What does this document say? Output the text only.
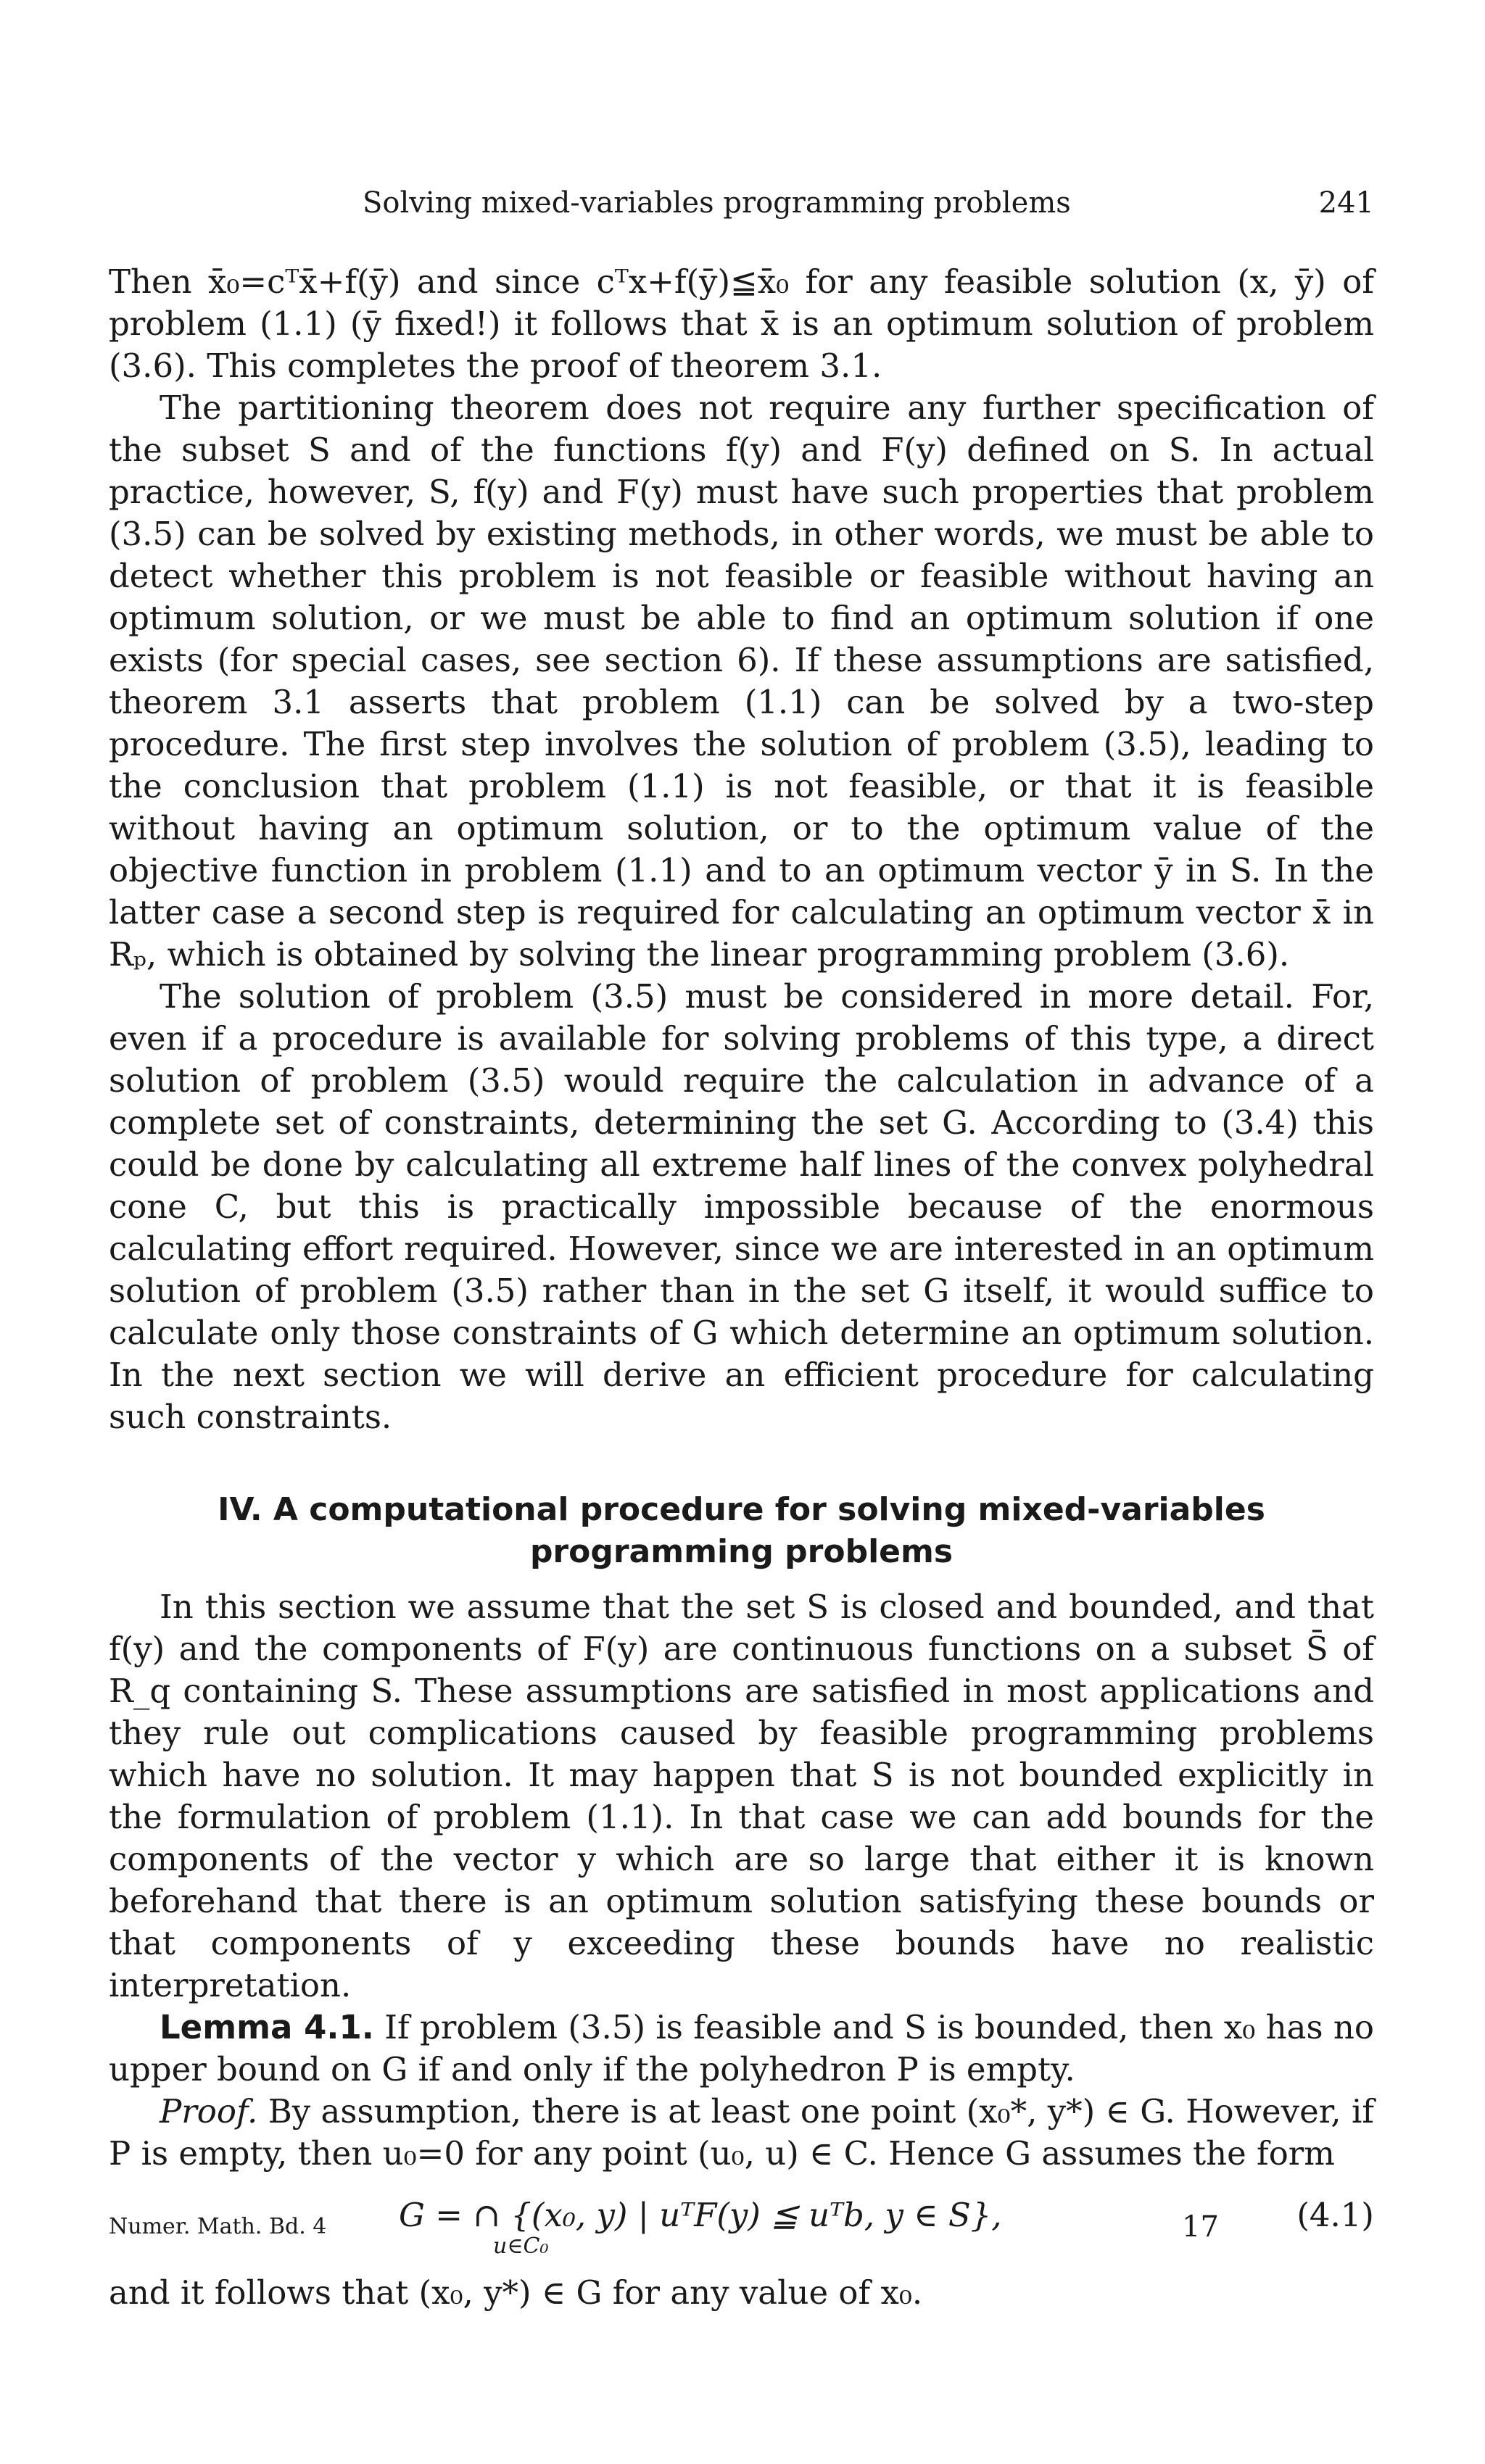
Solving mixed-variables programming problems	241

Then x̄₀=cᵀx̄+f(ȳ) and since cᵀx+f(ȳ)≦x̄₀ for any feasible solution (x, ȳ) of problem (1.1) (ȳ fixed!) it follows that x̄ is an optimum solution of problem (3.6). This completes the proof of theorem 3.1.

The partitioning theorem does not require any further specification of the subset S and of the functions f(y) and F(y) defined on S. In actual practice, however, S, f(y) and F(y) must have such properties that problem (3.5) can be solved by existing methods, in other words, we must be able to detect whether this problem is not feasible or feasible without having an optimum solution, or we must be able to find an optimum solution if one exists (for special cases, see section 6). If these assumptions are satisfied, theorem 3.1 asserts that problem (1.1) can be solved by a two-step procedure. The first step involves the solution of problem (3.5), leading to the conclusion that problem (1.1) is not feasible, or that it is feasible without having an optimum solution, or to the optimum value of the objective function in problem (1.1) and to an optimum vector ȳ in S. In the latter case a second step is required for calculating an optimum vector x̄ in Rₚ, which is obtained by solving the linear programming problem (3.6).

The solution of problem (3.5) must be considered in more detail. For, even if a procedure is available for solving problems of this type, a direct solution of problem (3.5) would require the calculation in advance of a complete set of constraints, determining the set G. According to (3.4) this could be done by calculating all extreme half lines of the convex polyhedral cone C, but this is practically impossible because of the enormous calculating effort required. However, since we are interested in an optimum solution of problem (3.5) rather than in the set G itself, it would suffice to calculate only those constraints of G which determine an optimum solution. In the next section we will derive an efficient procedure for calculating such constraints.

IV. A computational procedure for solving mixed-variables
programming problems

In this section we assume that the set S is closed and bounded, and that f(y) and the components of F(y) are continuous functions on a subset S̄ of R_q containing S. These assumptions are satisfied in most applications and they rule out complications caused by feasible programming problems which have no solution. It may happen that S is not bounded explicitly in the formulation of problem (1.1). In that case we can add bounds for the components of the vector y which are so large that either it is known beforehand that there is an optimum solution satisfying these bounds or that components of y exceeding these bounds have no realistic interpretation.

Lemma 4.1. If problem (3.5) is feasible and S is bounded, then x₀ has no upper bound on G if and only if the polyhedron P is empty.

Proof. By assumption, there is at least one point (x₀*, y*) ∈ G. However, if P is empty, then u₀=0 for any point (u₀, u) ∈ C. Hence G assumes the form

G = ∩ {(x₀, y) | uᵀF(y) ≦ uᵀb, y ∈ S},
u∈C₀
(4.1)

and it follows that (x₀, y*) ∈ G for any value of x₀.

Numer. Math. Bd. 4	17
